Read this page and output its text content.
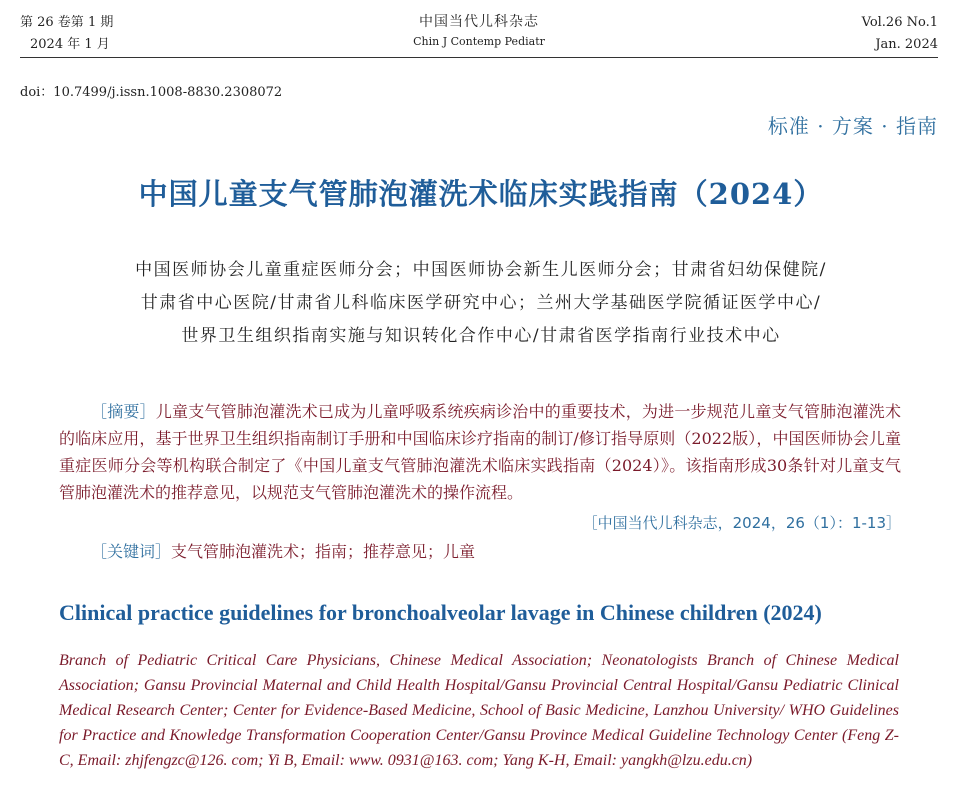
第 26 卷第 1 期
2024 年 1 月
中国当代儿科杂志
Chin J Contemp Pediatr
Vol.26 No.1
Jan. 2024
doi：10.7499/j.issn.1008-8830.2308072
标准 · 方案 · 指南
中国儿童支气管肺泡灌洗术临床实践指南（2024）
中国医师协会儿童重症医师分会；中国医师协会新生儿医师分会；甘肃省妇幼保健院/
甘肃省中心医院/甘肃省儿科临床医学研究中心；兰州大学基础医学院循证医学中心/
世界卫生组织指南实施与知识转化合作中心/甘肃省医学指南行业技术中心
［摘要］儿童支气管肺泡灌洗术已成为儿童呼吸系统疾病诊治中的重要技术，为进一步规范儿童支气管肺泡灌洗术的临床应用，基于世界卫生组织指南制订手册和中国临床诊疗指南的制订/修订指导原则（2022版），中国医师协会儿童重症医师分会等机构联合制定了《中国儿童支气管肺泡灌洗术临床实践指南（2024）》。该指南形成30条针对儿童支气管肺泡灌洗术的推荐意见，以规范支气管肺泡灌洗术的操作流程。
［中国当代儿科杂志，2024，26（1）：1-13］
［关键词］支气管肺泡灌洗术；指南；推荐意见；儿童
Clinical practice guidelines for bronchoalveolar lavage in Chinese children (2024)
Branch of Pediatric Critical Care Physicians, Chinese Medical Association; Neonatologists Branch of Chinese Medical Association; Gansu Provincial Maternal and Child Health Hospital/Gansu Provincial Central Hospital/Gansu Pediatric Clinical Medical Research Center; Center for Evidence-Based Medicine, School of Basic Medicine, Lanzhou University/ WHO Guidelines for Practice and Knowledge Transformation Cooperation Center/Gansu Province Medical Guideline Technology Center (Feng Z-C, Email: zhjfengzc@126. com; Yi B, Email: www. 0931@163. com; Yang K-H, Email: yangkh@lzu.edu.cn)
